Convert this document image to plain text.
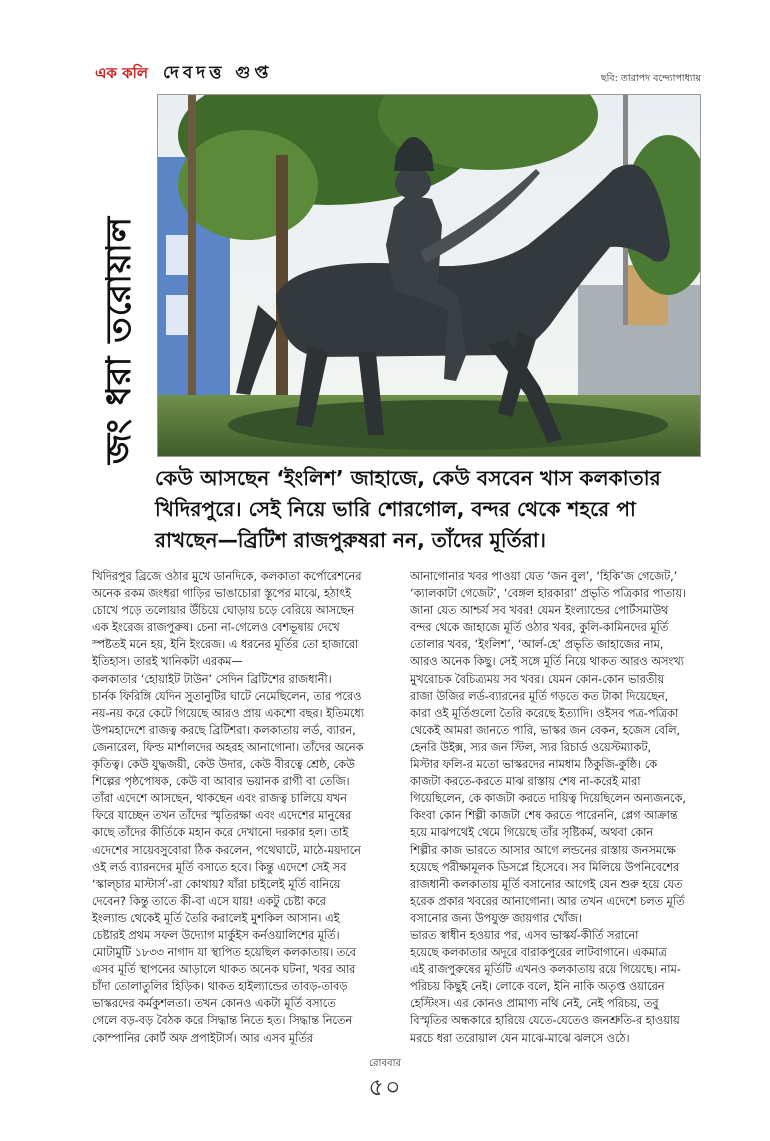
এক কলি দেবদত্ত গুপ্ত	ছবি: তারাপদ বন্দ্যোপাধ্যায়
জং ধরা তরোয়াল
কেউ আসছেন ‘ইংলিশ’ জাহাজে, কেউ বসবেন খাস কলকাতার
খিদিরপুরে। সেই নিয়ে ভারি শোরগোল, বন্দর থেকে শহরে পা
রাখছেন—ব্রিটিশ রাজপুরুষরা নন, তাঁদের মূর্তিরা।
খিদিরপুর ব্রিজে ওঠার মুখে ডানদিকে, কলকাতা কর্পোরেশনের
অনেক রকম জংধরা গাড়ির ভাঙাচোরা স্তূপের মাঝে, হঠাৎই
চোখে পড়ে তলোয়ার উঁচিয়ে ঘোড়ায় চড়ে বেরিয়ে আসছেন
এক ইংরেজ রাজপুরুষ। চেনা না-গেলেও বেশভূষায় দেখে
স্পষ্টতই মনে হয়, ইনি ইংরেজ। এ ধরনের মূর্তির তো হাজারো
ইতিহাস। তারই খানিকটা এরকম—
কলকাতার ‘হোয়াইট টাউন’ সেদিন ব্রিটিশের রাজধানী।
চার্নক ফিরিঙ্গি যেদিন সুতানুটির ঘাটে নেমেছিলেন, তার পরেও
নয়-নয় করে কেটে গিয়েছে আরও প্রায় একশো বছর। ইতিমধ্যে
উপমহাদেশে রাজত্ব করছে ব্রিটিশরা। কলকাতায় লর্ড, ব্যারন,
জেনারেল, ফিল্ড মার্শালদের অহরহ আনাগোনা। তাঁদের অনেক
কৃতিত্ব। কেউ যুদ্ধজয়ী, কেউ উদার, কেউ বীরত্বে শ্রেষ্ঠ, কেউ
শিল্পের পৃষ্ঠপোষক, কেউ বা আবার ভয়ানক রাগী বা তেজি।
তাঁরা এদেশে আসছেন, থাকছেন এবং রাজত্ব চালিয়ে যখন
ফিরে যাচ্ছেন তখন তাঁদের স্মৃতিরক্ষা এবং এদেশের মানুষের
কাছে তাঁদের কীর্তিকে মহান করে দেখানো দরকার হল। তাই
এদেশের সায়েবসুবোরা ঠিক করলেন, পথেঘাটে, মাঠে-ময়দানে
ওই লর্ড ব্যারনদের মূর্তি বসাতে হবে। কিন্তু এদেশে সেই সব
‘স্কাল্‌চার মাস্টার্স’-রা কোথায়? যাঁরা চাইলেই মূর্তি বানিয়ে
দেবেন? কিন্তু তাতে কী-বা এসে যায়! একটু চেষ্টা করে
ইংল্যান্ড থেকেই মূর্তি তৈরি করালেই মুশকিল আসান। এই
চেষ্টারই প্রথম সফল উদ্যোগ মার্কুইস কর্নওয়ালিশের মূর্তি।
মোটামুটি ১৮৩৩ নাগাদ যা স্থাপিত হয়েছিল কলকাতায়। তবে
এসব মূর্তি স্থাপনের আড়ালে থাকত অনেক ঘটনা, খবর আর
চাঁদা তোলাতুলির হিড়িক। থাকত হাইল্যান্ডের তাবড়-তাবড়
ভাস্করদের কর্মকুশলতা। তখন কোনও একটা মূর্তি বসাতে
গেলে বড়-বড় বৈঠক করে সিদ্ধান্ত নিতে হত। সিদ্ধান্ত নিতেন
কোম্পানির কোর্ট অফ প্রপাইটার্স। আর এসব মূর্তির
আনাগোনার খবর পাওয়া যেত ‘জন বুল’, ‘হিকি’জ গেজেট,’
‘ক্যালকাটা গেজেট’, ‘বেঙ্গল হারকারা’ প্রভৃতি পত্রিকার পাতায়।
জানা যেত আশ্চর্য সব খবর! যেমন ইংল্যান্ডের পোর্টসমাউথ
বন্দর থেকে জাহাজে মূর্তি ওঠার খবর, কুলি-কামিনদের মূর্তি
তোলার খবর, ‘ইংলিশ’, ‘আর্ল-হে’ প্রভৃতি জাহাজের নাম,
আরও অনেক কিছু। সেই সঙ্গে মূর্তি নিয়ে থাকত আরও অসংখ্য
মুখরোচক বৈচিত্র্যময় সব খবর। যেমন কোন-কোন ভারতীয়
রাজা উজির লর্ড-ব্যারনের মূর্তি গড়তে কত টাকা দিয়েছেন,
কারা ওই মূর্তিগুলো তৈরি করেছে ইত্যাদি। ওইসব পত্র-পত্রিকা
থেকেই আমরা জানতে পারি, ভাস্কর জন বেকন, হজেস বেলি,
হেনরি উইক্স, স্যর জন স্টিল, স্যর রিচার্ড ওয়েস্টম্যাকট,
মিস্টার ফলি-র মতো ভাস্করদের নামধাম ঠিকুজি-কুষ্ঠি। কে
কাজটা করতে-করতে মাঝ রাস্তায় শেষ না-করেই মারা
গিয়েছিলেন, কে কাজটা করতে দায়িত্ব দিয়েছিলেন অন্যজনকে,
কিংবা কোন শিল্পী কাজটা শেষ করতে পারেননি, প্লেগ আক্রান্ত
হয়ে মাঝপথেই থেমে গিয়েছে তাঁর সৃষ্টিকর্ম, অথবা কোন
শিল্পীর কাজ ভারতে আসার আগে লন্ডনের রাস্তায় জনসমক্ষে
হয়েছে পরীক্ষামূলক ডিসপ্লে হিসেবে। সব মিলিয়ে উপনিবেশের
রাজধানী কলকাতায় মূর্তি বসানোর আগেই যেন শুরু হয়ে যেত
হরেক প্রকার খবরের আনাগোনা। আর তখন এদেশে চলত মূর্তি
বসানোর জন্য উপযুক্ত জায়গার খোঁজ।
ভারত স্বাধীন হওয়ার পর, এসব ভাস্কর্য-কীর্তি সরানো
হয়েছে কলকাতার অদূরে বারাকপুরের লাটবাগানে। একমাত্র
এই রাজপুরুষের মূর্তিটি এখনও কলকাতায় রয়ে গিয়েছে। নাম-
পরিচয় কিছুই নেই। লোকে বলে, ইনি নাকি অতৃপ্ত ওয়ারেন
হেস্টিংস। এর কোনও প্রামাণ্য নথি নেই, নেই পরিচয়, তবু
বিস্মৃতির অন্ধকারে হারিয়ে যেতে-যেতেও জনশ্রুতি-র হাওয়ায়
মরচে ধরা তরোয়াল যেন মাঝে-মাঝে ঝলসে ওঠে।
রোববার
৫০
